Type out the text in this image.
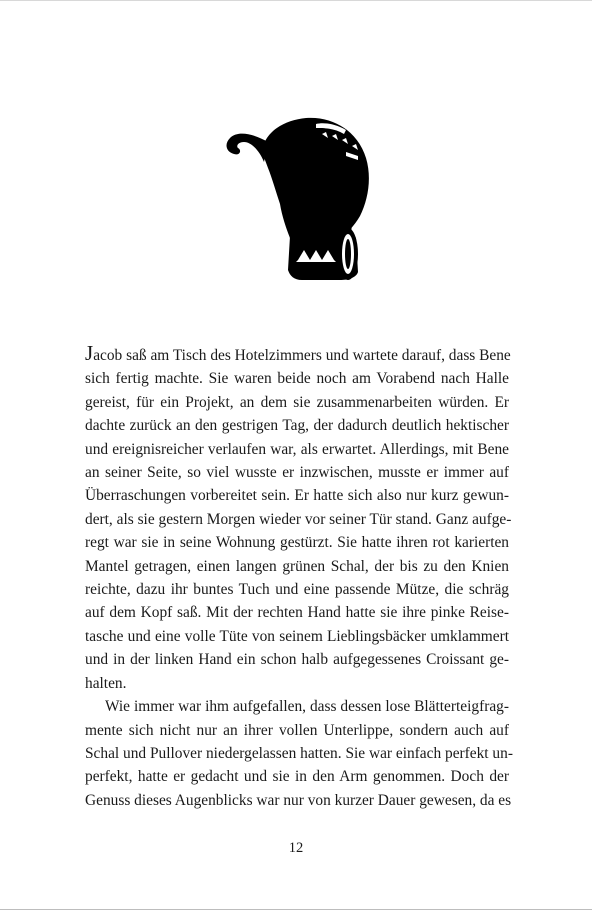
Jacob saß am Tisch des Hotelzimmers und wartete darauf, dass Bene
sich fertig machte. Sie waren beide noch am Vorabend nach Halle
gereist, für ein Projekt, an dem sie zusammenarbeiten würden. Er
dachte zurück an den gestrigen Tag, der dadurch deutlich hektischer
und ereignisreicher verlaufen war, als erwartet. Allerdings, mit Bene
an seiner Seite, so viel wusste er inzwischen, musste er immer auf
Überraschungen vorbereitet sein. Er hatte sich also nur kurz gewun-
dert, als sie gestern Morgen wieder vor seiner Tür stand. Ganz aufge-
regt war sie in seine Wohnung gestürzt. Sie hatte ihren rot karierten
Mantel getragen, einen langen grünen Schal, der bis zu den Knien
reichte, dazu ihr buntes Tuch und eine passende Mütze, die schräg
auf dem Kopf saß. Mit der rechten Hand hatte sie ihre pinke Reise-
tasche und eine volle Tüte von seinem Lieblingsbäcker umklammert
und in der linken Hand ein schon halb aufgegessenes Croissant ge-
halten.

Wie immer war ihm aufgefallen, dass dessen lose Blätterteigfrag-
mente sich nicht nur an ihrer vollen Unterlippe, sondern auch auf
Schal und Pullover niedergelassen hatten. Sie war einfach perfekt un-
perfekt, hatte er gedacht und sie in den Arm genommen. Doch der
Genuss dieses Augenblicks war nur von kurzer Dauer gewesen, da es

12
